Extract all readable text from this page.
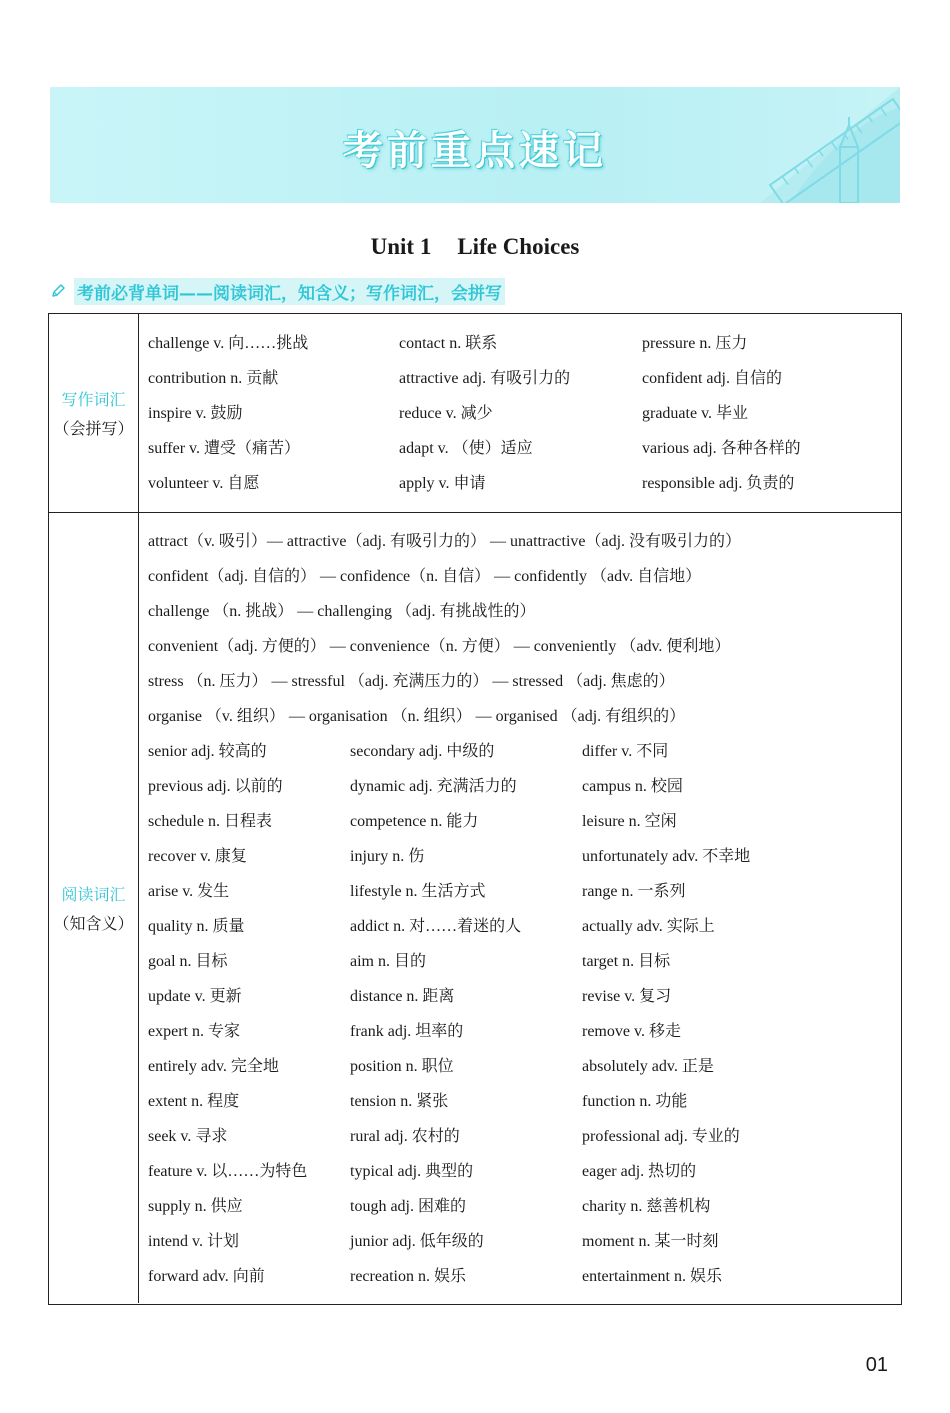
考前重点速记
Unit 1 Life Choices
考前必背单词——阅读词汇，知含义；写作词汇，会拼写
写作词汇
（会拼写）
challenge v. 向……挑战
contribution n. 贡献
inspire v. 鼓励
suffer v. 遭受（痛苦）
volunteer v. 自愿
contact n. 联系
attractive adj. 有吸引力的
reduce v. 减少
adapt v. （使）适应
apply v. 申请
pressure n. 压力
confident adj. 自信的
graduate v. 毕业
various adj. 各种各样的
responsible adj. 负责的
阅读词汇
（知含义）
attract（v. 吸引）— attractive（adj. 有吸引力的） — unattractive（adj. 没有吸引力的）
confident（adj. 自信的） — confidence（n. 自信） — confidently （adv. 自信地）
challenge （n. 挑战） — challenging （adj. 有挑战性的）
convenient（adj. 方便的） — convenience（n. 方便） — conveniently （adv. 便利地）
stress （n. 压力） — stressful （adj. 充满压力的） — stressed （adj. 焦虑的）
organise （v. 组织） — organisation （n. 组织） — organised （adj. 有组织的）
senior adj. 较高的
previous adj. 以前的
schedule n. 日程表
recover v. 康复
arise v. 发生
quality n. 质量
goal n. 目标
update v. 更新
expert n. 专家
entirely adv. 完全地
extent n. 程度
seek v. 寻求
feature v. 以……为特色
supply n. 供应
intend v. 计划
forward adv. 向前
secondary adj. 中级的
dynamic adj. 充满活力的
competence n. 能力
injury n. 伤
lifestyle n. 生活方式
addict n. 对……着迷的人
aim n. 目的
distance n. 距离
frank adj. 坦率的
position n. 职位
tension n. 紧张
rural adj. 农村的
typical adj. 典型的
tough adj. 困难的
junior adj. 低年级的
recreation n. 娱乐
differ v. 不同
campus n. 校园
leisure n. 空闲
unfortunately adv. 不幸地
range n. 一系列
actually adv. 实际上
target n. 目标
revise v. 复习
remove v. 移走
absolutely adv. 正是
function n. 功能
professional adj. 专业的
eager adj. 热切的
charity n. 慈善机构
moment n. 某一时刻
entertainment n. 娱乐
01
